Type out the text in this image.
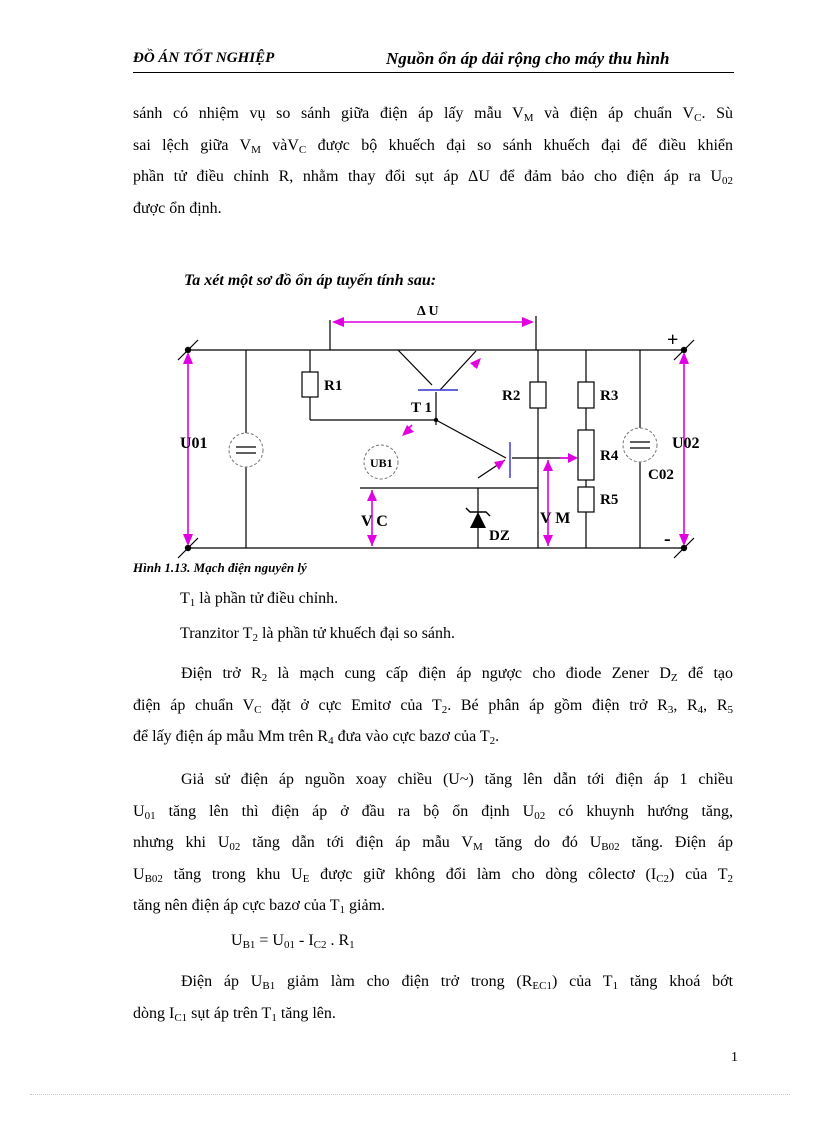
ĐỒ ÁN TỐT NGHIỆP	Nguồn ổn áp dải rộng cho máy thu hình
sánh có nhiệm vụ so sánh giữa điện áp lấy mẫu $V_M$ và điện áp chuẩn $V_C$. Sù
sai lệch giữa $V_M$ vàV$_C$ được bộ khuếch đại so sánh khuếch đại để điều khiển
phần tử điều chỉnh R, nhằm thay đổi sụt áp ΔU để đảm bảo cho điện áp ra $U_{02}$
được ổn định.
Ta xét một sơ đồ ổn áp tuyến tính sau:
Δ U
+
-
U01	U02
R1
R2	R3
R4
R5
T 1
UB1
V C	V M
DZ
C02
Hình 1.13. Mạch điện nguyên lý
$T_1$ là phần tử điều chỉnh.
Tranzitor $T_2$ là phần tử khuếch đại so sánh.
Điện trở $R_2$ là mạch cung cấp điện áp ngược cho điode Zener $D_Z$ để tạo
điện áp chuẩn $V_C$ đặt ở cực Emitơ của $T_2$. Bé phân áp gồm điện trở $R_3$, $R_4$, $R_5$
để lấy điện áp mẫu Mm trên $R_4$ đưa vào cực bazơ của $T_2$.
Giả sử điện áp nguồn xoay chiều (U~) tăng lên dẫn tới điện áp 1 chiều
$U_{01}$ tăng lên thì điện áp ở đầu ra bộ ổn định $U_{02}$ có khuynh hướng tăng,
nhưng khi $U_{02}$ tăng dẫn tới điện áp mẫu $V_M$ tăng do đó $U_{B02}$ tăng. Điện áp
$U_{B02}$ tăng trong khu $U_E$ được giữ không đổi làm cho dòng côlectơ $(I_{C2})$ của $T_2$
tăng nên điện áp cực bazơ của $T_1$ giảm.
$U_{B1} = U_{01} - I_{C2}$ . $R_1$
Điện áp $U_{B1}$ giảm làm cho điện trở trong $(R_{EC1})$ của $T_1$ tăng khoá bớt
dòng $I_{C1}$ sụt áp trên $T_1$ tăng lên.
1
